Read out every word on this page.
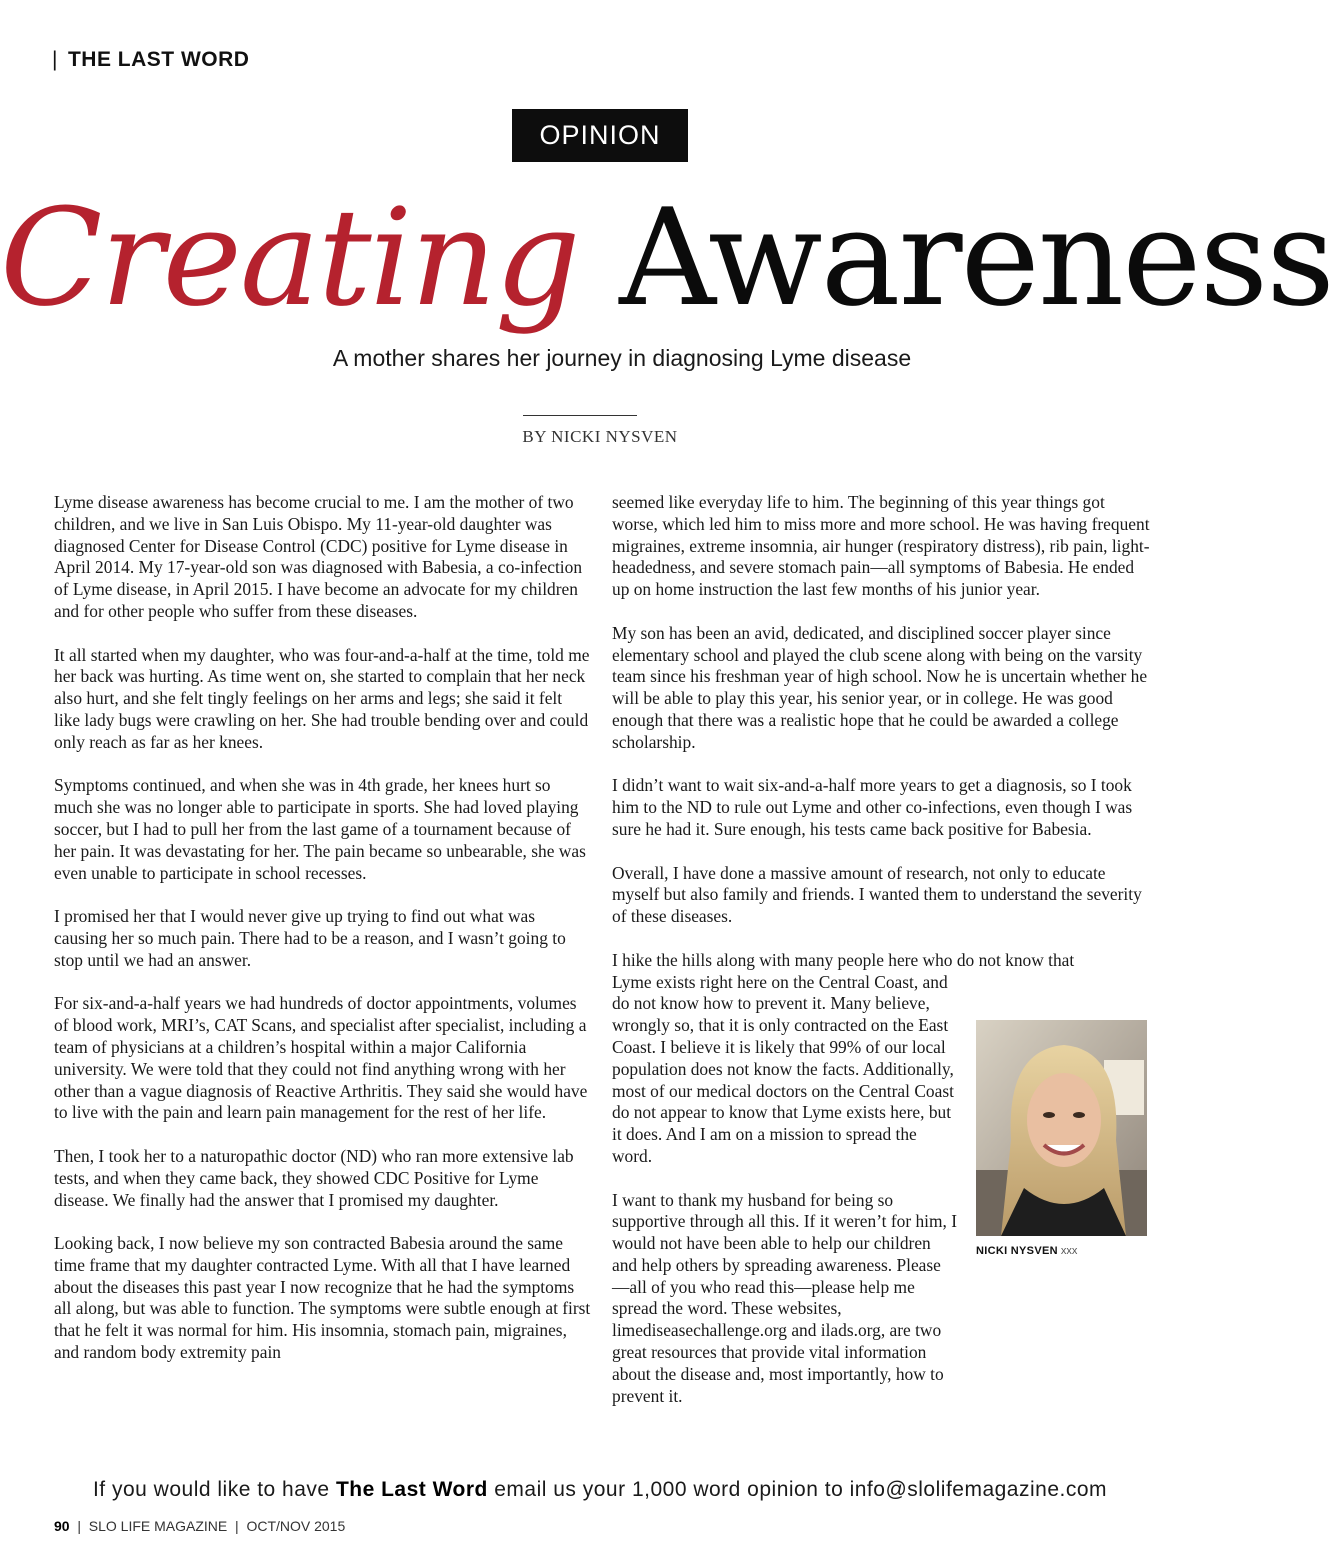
| THE LAST WORD
OPINION
Creating Awareness
A mother shares her journey in diagnosing Lyme disease
BY NICKI NYSVEN

Lyme disease awareness has become crucial to me. I am the mother of two children, and we live in San Luis Obispo. My 11-year-old daughter was diagnosed Center for Disease Control (CDC) positive for Lyme disease in April 2014. My 17-year-old son was diagnosed with Babesia, a co-infection of Lyme disease, in April 2015. I have become an advocate for my children and for other people who suffer from these diseases.

It all started when my daughter, who was four-and-a-half at the time, told me her back was hurting. As time went on, she started to complain that her neck also hurt, and she felt tingly feelings on her arms and legs; she said it felt like lady bugs were crawling on her. She had trouble bending over and could only reach as far as her knees.

Symptoms continued, and when she was in 4th grade, her knees hurt so much she was no longer able to participate in sports. She had loved playing soccer, but I had to pull her from the last game of a tournament because of her pain. It was devastating for her. The pain became so unbearable, she was even unable to participate in school recesses.

I promised her that I would never give up trying to find out what was causing her so much pain. There had to be a reason, and I wasn’t going to stop until we had an answer.

For six-and-a-half years we had hundreds of doctor appointments, volumes of blood work, MRI’s, CAT Scans, and specialist after specialist, including a team of physicians at a children’s hospital within a major California university. We were told that they could not find anything wrong with her other than a vague diagnosis of Reactive Arthritis. They said she would have to live with the pain and learn pain management for the rest of her life.

Then, I took her to a naturopathic doctor (ND) who ran more extensive lab tests, and when they came back, they showed CDC Positive for Lyme disease. We finally had the answer that I promised my daughter.

Looking back, I now believe my son contracted Babesia around the same time frame that my daughter contracted Lyme. With all that I have learned about the diseases this past year I now recognize that he had the symptoms all along, but was able to function. The symptoms were subtle enough at first that he felt it was normal for him. His insomnia, stomach pain, migraines, and random body extremity pain

seemed like everyday life to him. The beginning of this year things got worse, which led him to miss more and more school. He was having frequent migraines, extreme insomnia, air hunger (respiratory distress), rib pain, light-headedness, and severe stomach pain—all symptoms of Babesia. He ended up on home instruction the last few months of his junior year.

My son has been an avid, dedicated, and disciplined soccer player since elementary school and played the club scene along with being on the varsity team since his freshman year of high school. Now he is uncertain whether he will be able to play this year, his senior year, or in college. He was good enough that there was a realistic hope that he could be awarded a college scholarship.

I didn’t want to wait six-and-a-half more years to get a diagnosis, so I took him to the ND to rule out Lyme and other co-infections, even though I was sure he had it. Sure enough, his tests came back positive for Babesia.

Overall, I have done a massive amount of research, not only to educate myself but also family and friends. I wanted them to understand the severity of these diseases.

I hike the hills along with many people here who do not know that

Lyme exists right here on the Central Coast, and do not know how to prevent it. Many believe, wrongly so, that it is only contracted on the East Coast. I believe it is likely that 99% of our local population does not know the facts. Additionally, most of our medical doctors on the Central Coast do not appear to know that Lyme exists here, but it does. And I am on a mission to spread the word.

I want to thank my husband for being so supportive through all this. If it weren’t for him, I would not have been able to help our children and help others by spreading awareness. Please—all of you who read this—please help me spread the word. These websites, limediseasechallenge.org and ilads.org, are two great resources that provide vital information about the disease and, most importantly, how to prevent it.

NICKI NYSVEN xxx
If you would like to have The Last Word email us your 1,000 word opinion to info@slolifemagazine.com
90  |  SLO LIFE MAGAZINE  |  OCT/NOV 2015
